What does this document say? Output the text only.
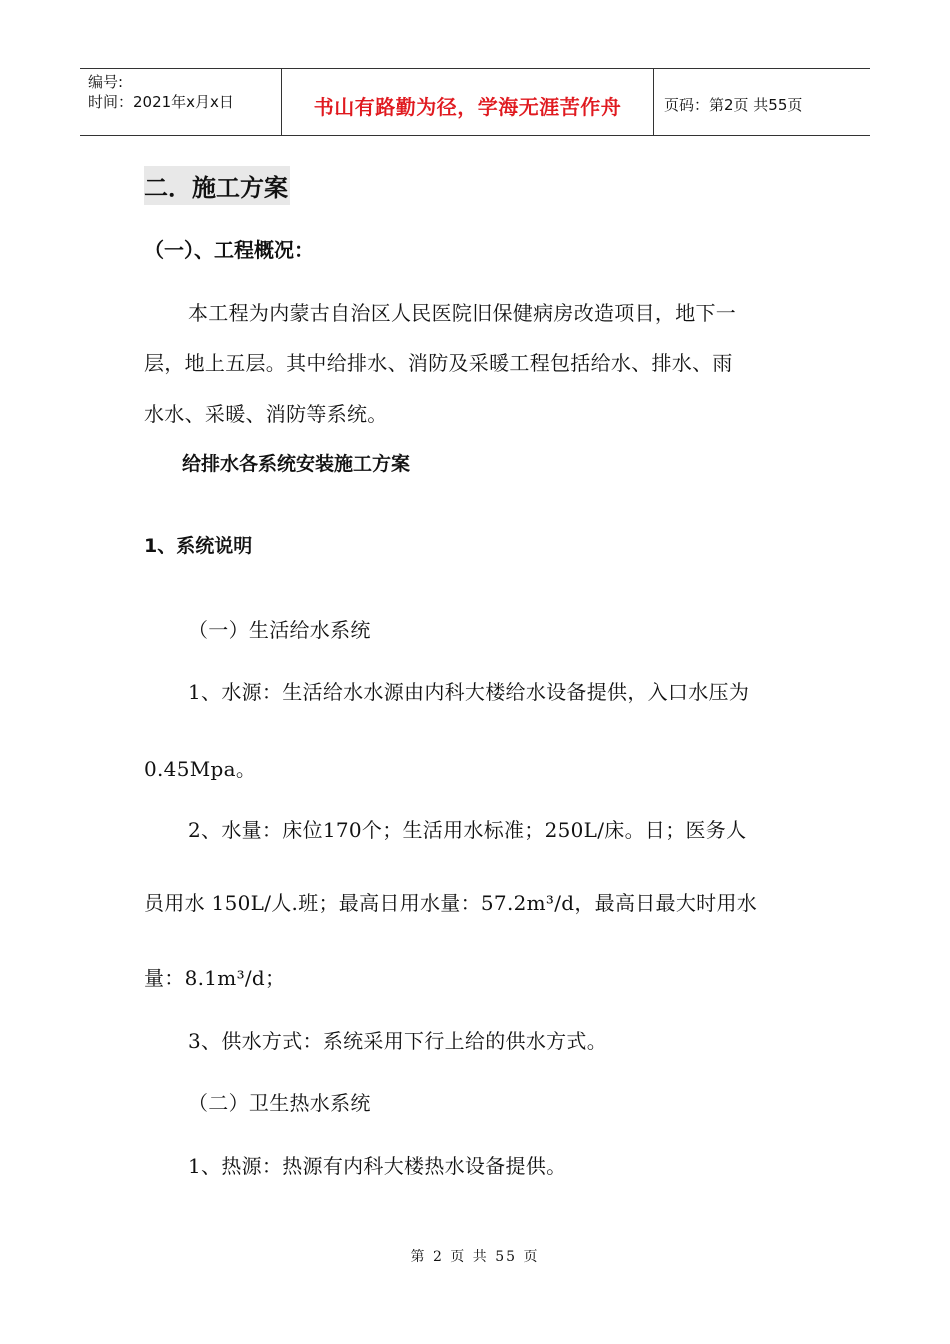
编号:
时间：2021年x月x日	书山有路勤为径，学海无涯苦作舟	页码：第2页 共55页
二．施工方案
（一）、工程概况：
本工程为内蒙古自治区人民医院旧保健病房改造项目，地下一
层，地上五层。其中给排水、消防及采暖工程包括给水、排水、雨
水水、采暖、消防等系统。
给排水各系统安装施工方案
1、系统说明
（一）生活给水系统
1、水源：生活给水水源由内科大楼给水设备提供，入口水压为
0.45Mpa。
2、水量：床位170个；生活用水标准；250L/床。日；医务人
员用水 150L/人.班；最高日用水量：57.2m³/d，最高日最大时用水
量：8.1m³/d；
3、供水方式：系统采用下行上给的供水方式。
（二）卫生热水系统
1、热源：热源有内科大楼热水设备提供。
第 2 页 共 55 页
